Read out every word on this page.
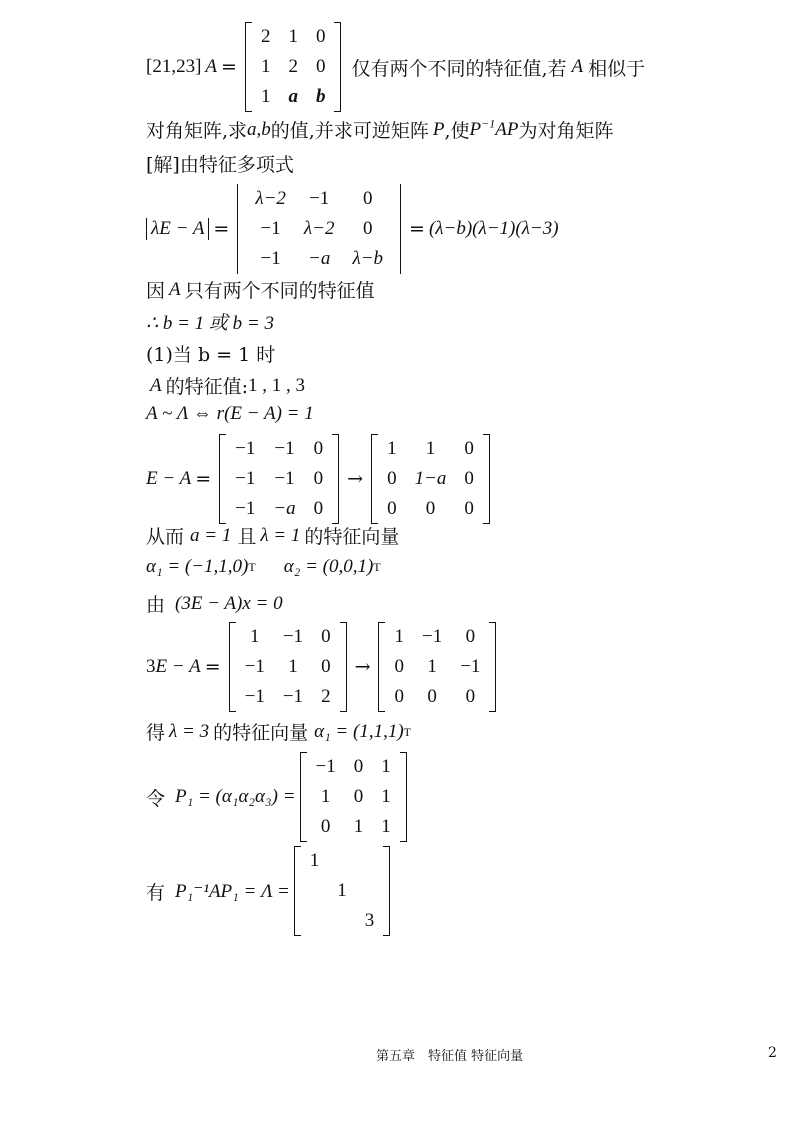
[21,23] A =
2	1	0
1	2	0
1	a	b
仅有两个不同的特征值,若 A 相似于
对角矩阵,求 a,b 的值,并求可逆矩阵 P ,使 $P^{-1}AP$ 为对角矩阵
[解]由特征多项式
λE − A =
λ−2	−1	0
−1	λ−2	0
−1	−a	λ−b
= (λ−b)(λ−1)(λ−3)
因 A 只有两个不同的特征值
∴ b = 1 或 b = 3
(1)当 b = 1 时
A 的特征值: 1 , 1 , 3
A ~ Λ ⇔ r(E − A) = 1
E − A =
−1	−1	0
−1	−1	0
−1	−a	0
→
1	1	0
0	1−a	0
0	0	0
从而 a = 1 且 λ = 1 的特征向量
α₁ = (−1,1,0) T α₂ = (0,0,1) T
由 (3E − A)x = 0
3E − A =
1	−1	0
−1	1	0
−1	−1	2
→
1	−1	0
0	1	−1
0	0	0
得 λ = 3 的特征向量 α₁ = (1,1,1) T
令 P₁ = (α₁α₂α₃) =
−1	0	1
1	0	1
0	1	1
有 P₁⁻¹AP₁ = Λ =
1		
	1	
		3
第五章　特征值 特征向量	2
